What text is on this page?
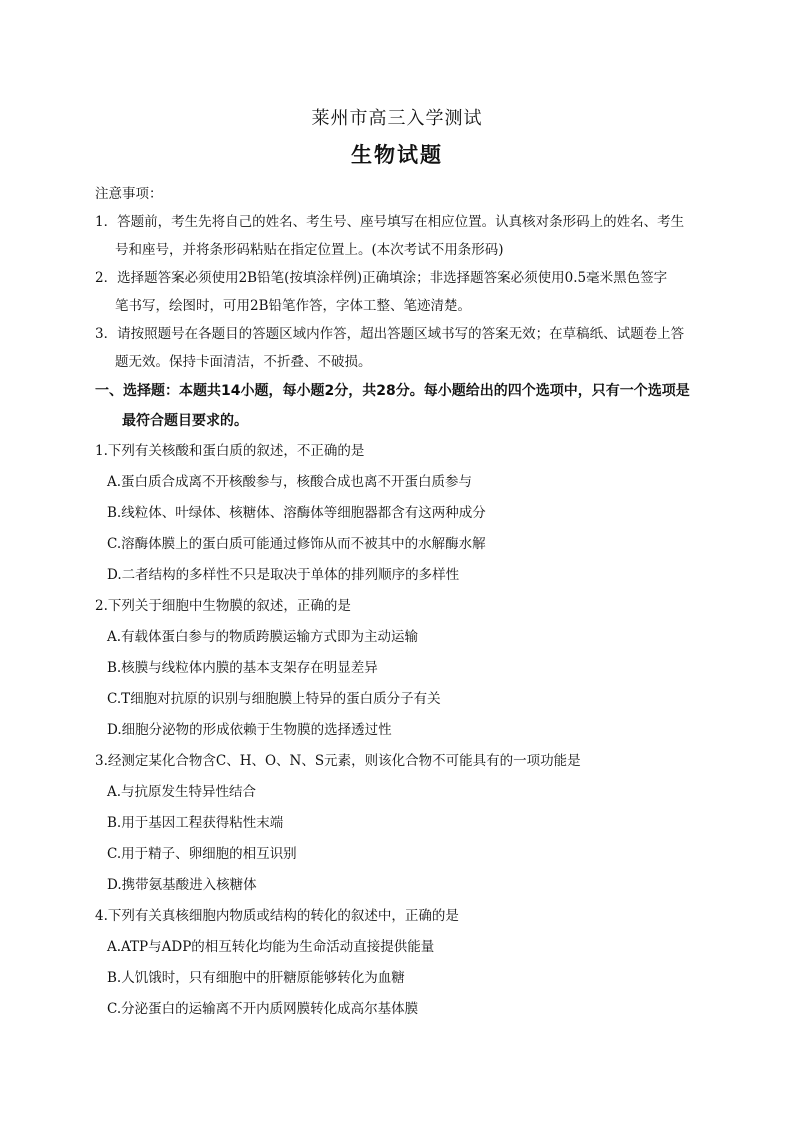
莱州市高三入学测试
生物试题
注意事项：
1．答题前，考生先将自己的姓名、考生号、座号填写在相应位置。认真核对条形码上的姓名、考生
号和座号，并将条形码粘贴在指定位置上。(本次考试不用条形码)
2．选择题答案必须使用2B铅笔(按填涂样例)正确填涂；非选择题答案必须使用0.5毫米黑色签字
笔书写，绘图时，可用2B铅笔作答，字体工整、笔迹清楚。
3．请按照题号在各题目的答题区域内作答，超出答题区域书写的答案无效；在草稿纸、试题卷上答
题无效。保持卡面清洁，不折叠、不破损。
一、选择题：本题共14小题，每小题2分，共28分。每小题给出的四个选项中，只有一个选项是
最符合题目要求的。
1.下列有关核酸和蛋白质的叙述，不正确的是
A.蛋白质合成离不开核酸参与，核酸合成也离不开蛋白质参与
B.线粒体、叶绿体、核糖体、溶酶体等细胞器都含有这两种成分
C.溶酶体膜上的蛋白质可能通过修饰从而不被其中的水解酶水解
D.二者结构的多样性不只是取决于单体的排列顺序的多样性
2.下列关于细胞中生物膜的叙述，正确的是
A.有载体蛋白参与的物质跨膜运输方式即为主动运输
B.核膜与线粒体内膜的基本支架存在明显差异
C.T细胞对抗原的识别与细胞膜上特异的蛋白质分子有关
D.细胞分泌物的形成依赖于生物膜的选择透过性
3.经测定某化合物含C、H、O、N、S元素，则该化合物不可能具有的一项功能是
A.与抗原发生特异性结合
B.用于基因工程获得粘性末端
C.用于精子、卵细胞的相互识别
D.携带氨基酸进入核糖体
4.下列有关真核细胞内物质或结构的转化的叙述中，正确的是
A.ATP与ADP的相互转化均能为生命活动直接提供能量
B.人饥饿时，只有细胞中的肝糖原能够转化为血糖
C.分泌蛋白的运输离不开内质网膜转化成高尔基体膜
